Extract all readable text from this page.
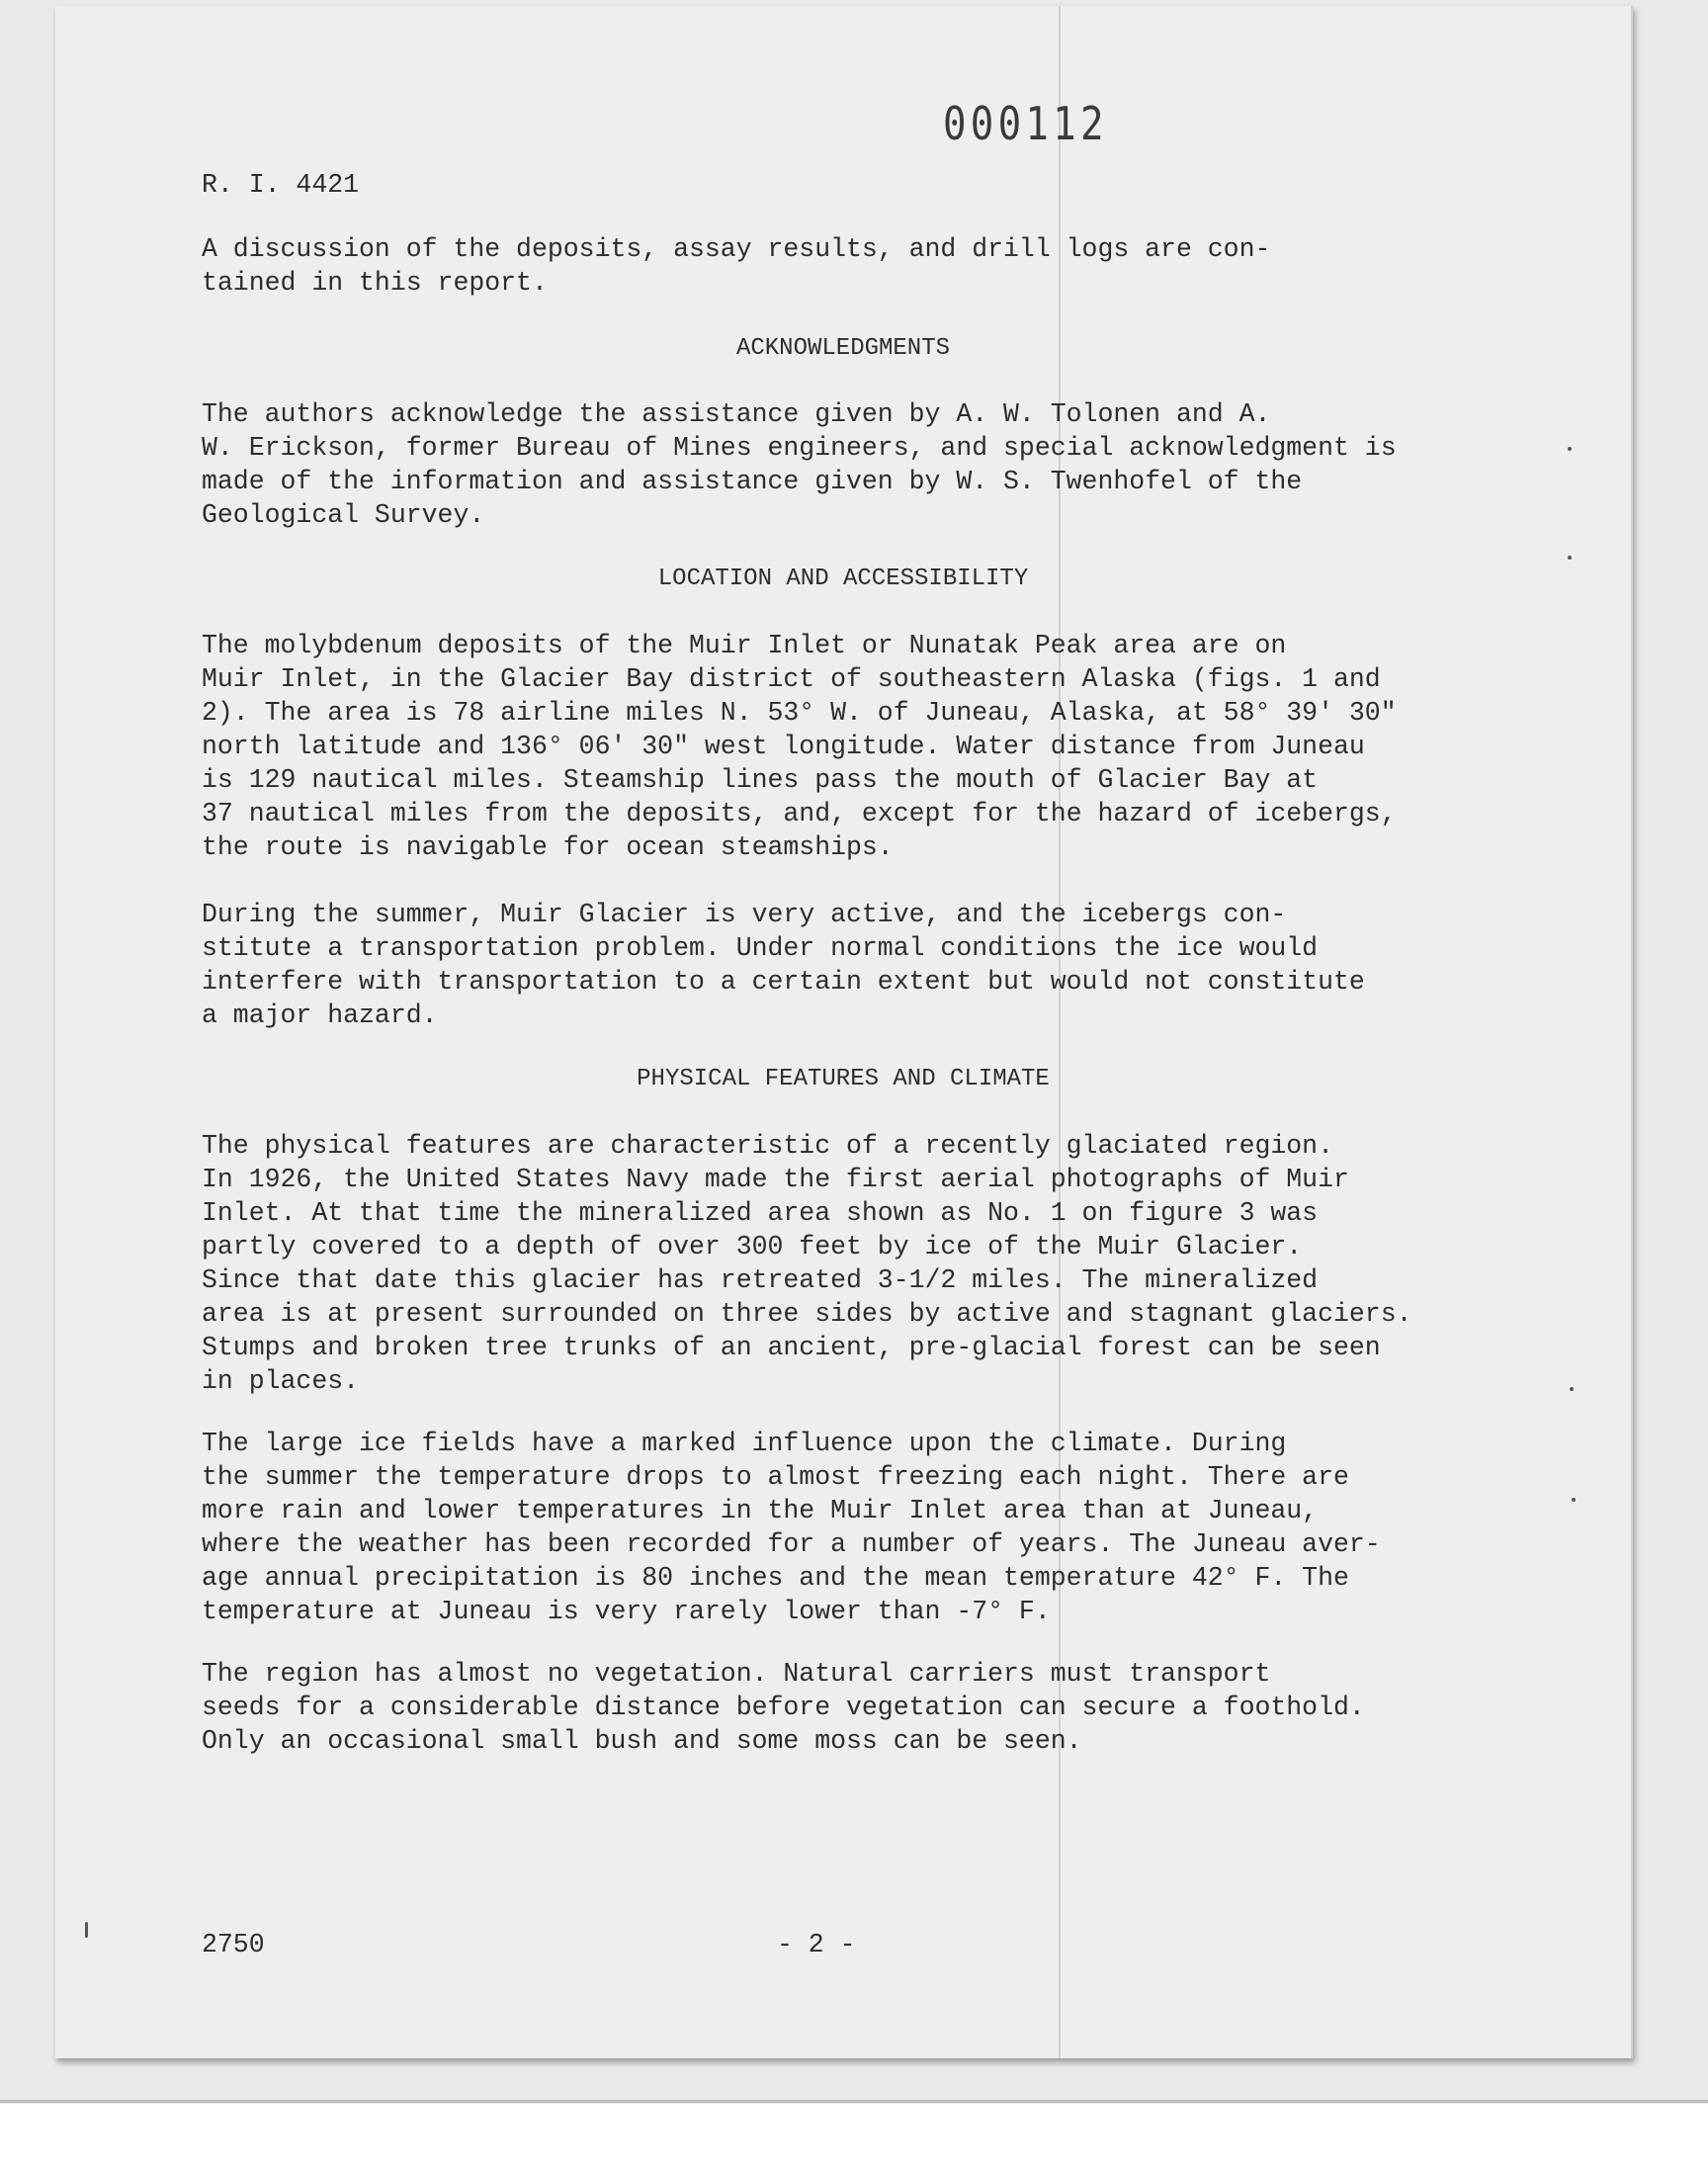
000112
R. I. 4421

A discussion of the deposits, assay results, and drill logs are con-
tained in this report.

ACKNOWLEDGMENTS

The authors acknowledge the assistance given by A. W. Tolonen and A.
W. Erickson, former Bureau of Mines engineers, and special acknowledgment is
made of the information and assistance given by W. S. Twenhofel of the
Geological Survey.

LOCATION AND ACCESSIBILITY

The molybdenum deposits of the Muir Inlet or Nunatak Peak area are on
Muir Inlet, in the Glacier Bay district of southeastern Alaska (figs. 1 and
2). The area is 78 airline miles N. 53° W. of Juneau, Alaska, at 58° 39' 30"
north latitude and 136° 06' 30" west longitude. Water distance from Juneau
is 129 nautical miles. Steamship lines pass the mouth of Glacier Bay at
37 nautical miles from the deposits, and, except for the hazard of icebergs,
the route is navigable for ocean steamships.

During the summer, Muir Glacier is very active, and the icebergs con-
stitute a transportation problem. Under normal conditions the ice would
interfere with transportation to a certain extent but would not constitute
a major hazard.

PHYSICAL FEATURES AND CLIMATE

The physical features are characteristic of a recently glaciated region.
In 1926, the United States Navy made the first aerial photographs of Muir
Inlet. At that time the mineralized area shown as No. 1 on figure 3 was
partly covered to a depth of over 300 feet by ice of the Muir Glacier.
Since that date this glacier has retreated 3-1/2 miles. The mineralized
area is at present surrounded on three sides by active and stagnant glaciers.
Stumps and broken tree trunks of an ancient, pre-glacial forest can be seen
in places.

The large ice fields have a marked influence upon the climate. During
the summer the temperature drops to almost freezing each night. There are
more rain and lower temperatures in the Muir Inlet area than at Juneau,
where the weather has been recorded for a number of years. The Juneau aver-
age annual precipitation is 80 inches and the mean temperature 42° F. The
temperature at Juneau is very rarely lower than -7° F.

The region has almost no vegetation. Natural carriers must transport
seeds for a considerable distance before vegetation can secure a foothold.
Only an occasional small bush and some moss can be seen.

2750	- 2 -
